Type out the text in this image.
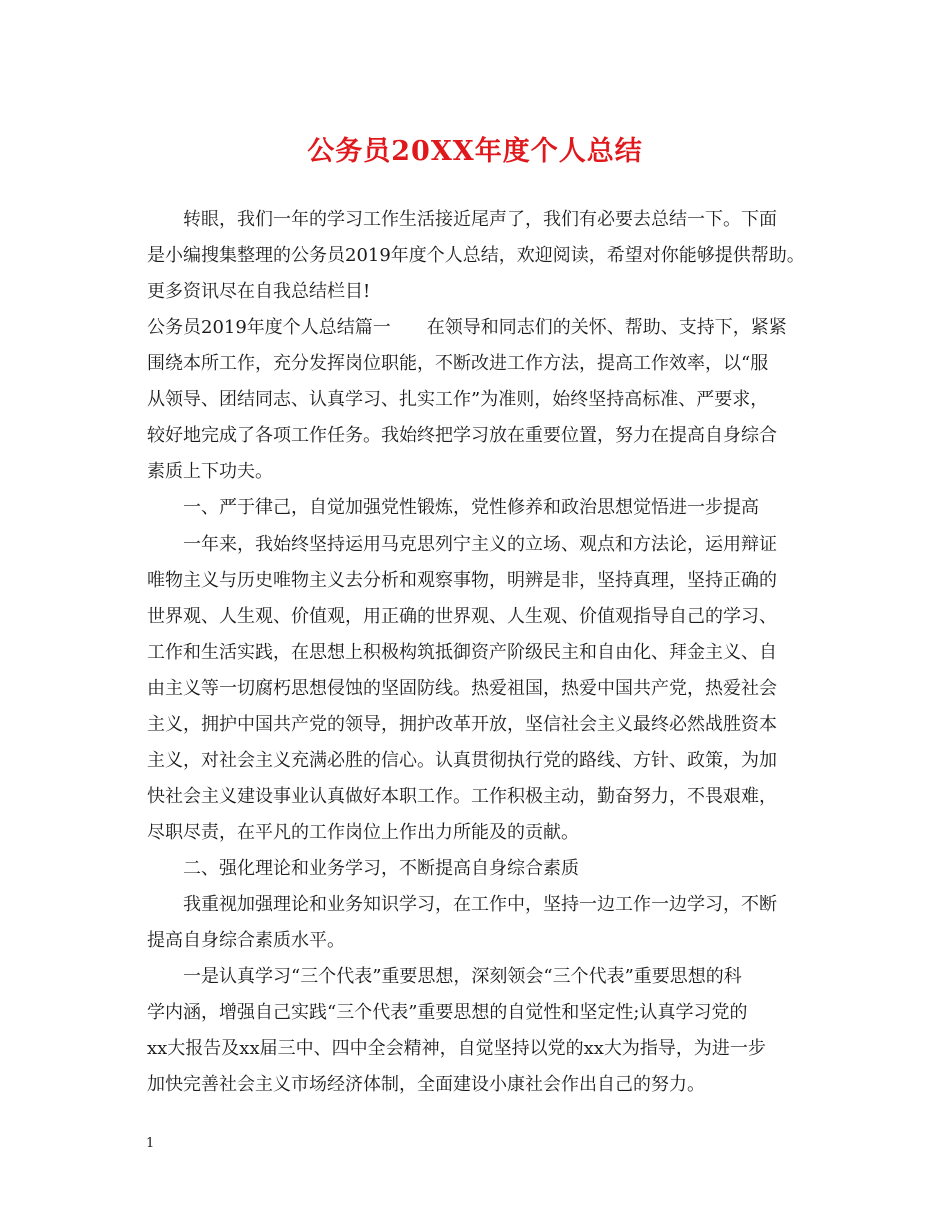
公务员20XX年度个人总结
转眼，我们一年的学习工作生活接近尾声了，我们有必要去总结一下。下面
是小编搜集整理的公务员2019年度个人总结，欢迎阅读，希望对你能够提供帮助。
更多资讯尽在自我总结栏目!
公务员2019年度个人总结篇一　　在领导和同志们的关怀、帮助、支持下，紧紧
围绕本所工作，充分发挥岗位职能，不断改进工作方法，提高工作效率，以“服
从领导、团结同志、认真学习、扎实工作”为准则，始终坚持高标准、严要求，
较好地完成了各项工作任务。我始终把学习放在重要位置，努力在提高自身综合
素质上下功夫。
一、严于律己，自觉加强党性锻炼，党性修养和政治思想觉悟进一步提高
一年来，我始终坚持运用马克思列宁主义的立场、观点和方法论，运用辩证
唯物主义与历史唯物主义去分析和观察事物，明辨是非，坚持真理，坚持正确的
世界观、人生观、价值观，用正确的世界观、人生观、价值观指导自己的学习、
工作和生活实践，在思想上积极构筑抵御资产阶级民主和自由化、拜金主义、自
由主义等一切腐朽思想侵蚀的坚固防线。热爱祖国，热爱中国共产党，热爱社会
主义，拥护中国共产党的领导，拥护改革开放，坚信社会主义最终必然战胜资本
主义，对社会主义充满必胜的信心。认真贯彻执行党的路线、方针、政策，为加
快社会主义建设事业认真做好本职工作。工作积极主动，勤奋努力，不畏艰难，
尽职尽责，在平凡的工作岗位上作出力所能及的贡献。
二、强化理论和业务学习，不断提高自身综合素质
我重视加强理论和业务知识学习，在工作中，坚持一边工作一边学习，不断
提高自身综合素质水平。
一是认真学习“三个代表”重要思想，深刻领会“三个代表”重要思想的科
学内涵，增强自己实践“三个代表”重要思想的自觉性和坚定性;认真学习党的
xx大报告及xx届三中、四中全会精神，自觉坚持以党的xx大为指导，为进一步
加快完善社会主义市场经济体制，全面建设小康社会作出自己的努力。
1
